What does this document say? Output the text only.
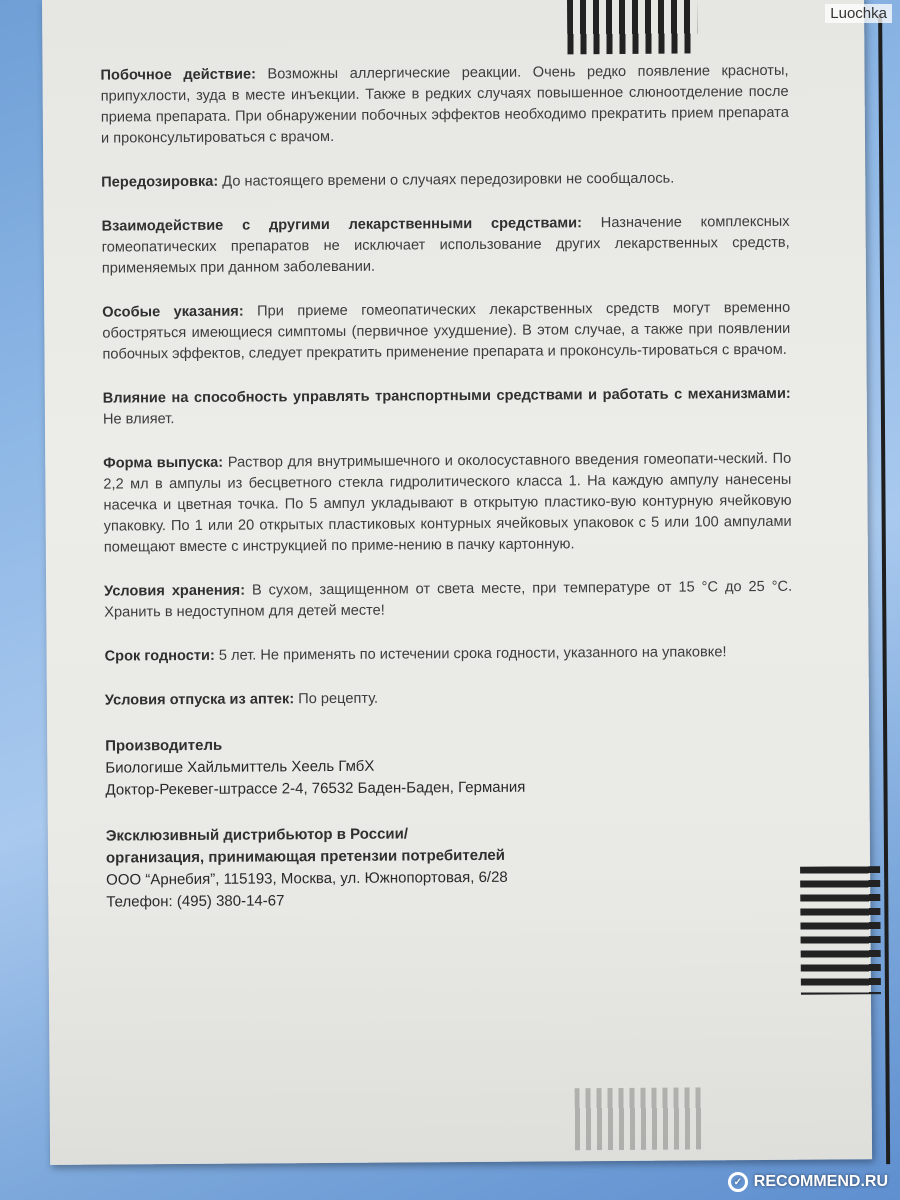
Побочное действие: Возможны аллергические реакции. Очень редко появление красноты, припухлости, зуда в месте инъекции. Также в редких случаях повышенное слюноотделение после приема препарата. При обнаружении побочных эффектов необходимо прекратить прием препарата и проконсультироваться с врачом.

Передозировка: До настоящего времени о случаях передозировки не сообщалось.

Взаимодействие с другими лекарственными средствами: Назначение комплексных гомеопатических препаратов не исключает использование других лекарственных средств, применяемых при данном заболевании.

Особые указания: При приеме гомеопатических лекарственных средств могут временно обостряться имеющиеся симптомы (первичное ухудшение). В этом случае, а также при появлении побочных эффектов, следует прекратить применение препарата и проконсуль-тироваться с врачом.

Влияние на способность управлять транспортными средствами и работать с механизмами: Не влияет.

Форма выпуска: Раствор для внутримышечного и околосуставного введения гомеопати-ческий. По 2,2 мл в ампулы из бесцветного стекла гидролитического класса 1. На каждую ампулу нанесены насечка и цветная точка. По 5 ампул укладывают в открытую пластико-вую контурную ячейковую упаковку. По 1 или 20 открытых пластиковых контурных ячейковых упаковок с 5 или 100 ампулами помещают вместе с инструкцией по приме-нению в пачку картонную.

Условия хранения: В сухом, защищенном от света месте, при температуре от 15 °С до 25 °С. Хранить в недоступном для детей месте!

Срок годности: 5 лет. Не применять по истечении срока годности, указанного на упаковке!

Условия отпуска из аптек: По рецепту.

Производитель
Биологише Хайльмиттель Хеель ГмбХ
Доктор-Рекевег-штрассе 2-4, 76532 Баден-Баден, Германия
Эксклюзивный дистрибьютор в России/
организация, принимающая претензии потребителей
ООО “Арнебия”, 115193, Москва, ул. Южнопортовая, 6/28
Телефон: (495) 380-14-67
Luochka
✓ RECOMMEND.RU
